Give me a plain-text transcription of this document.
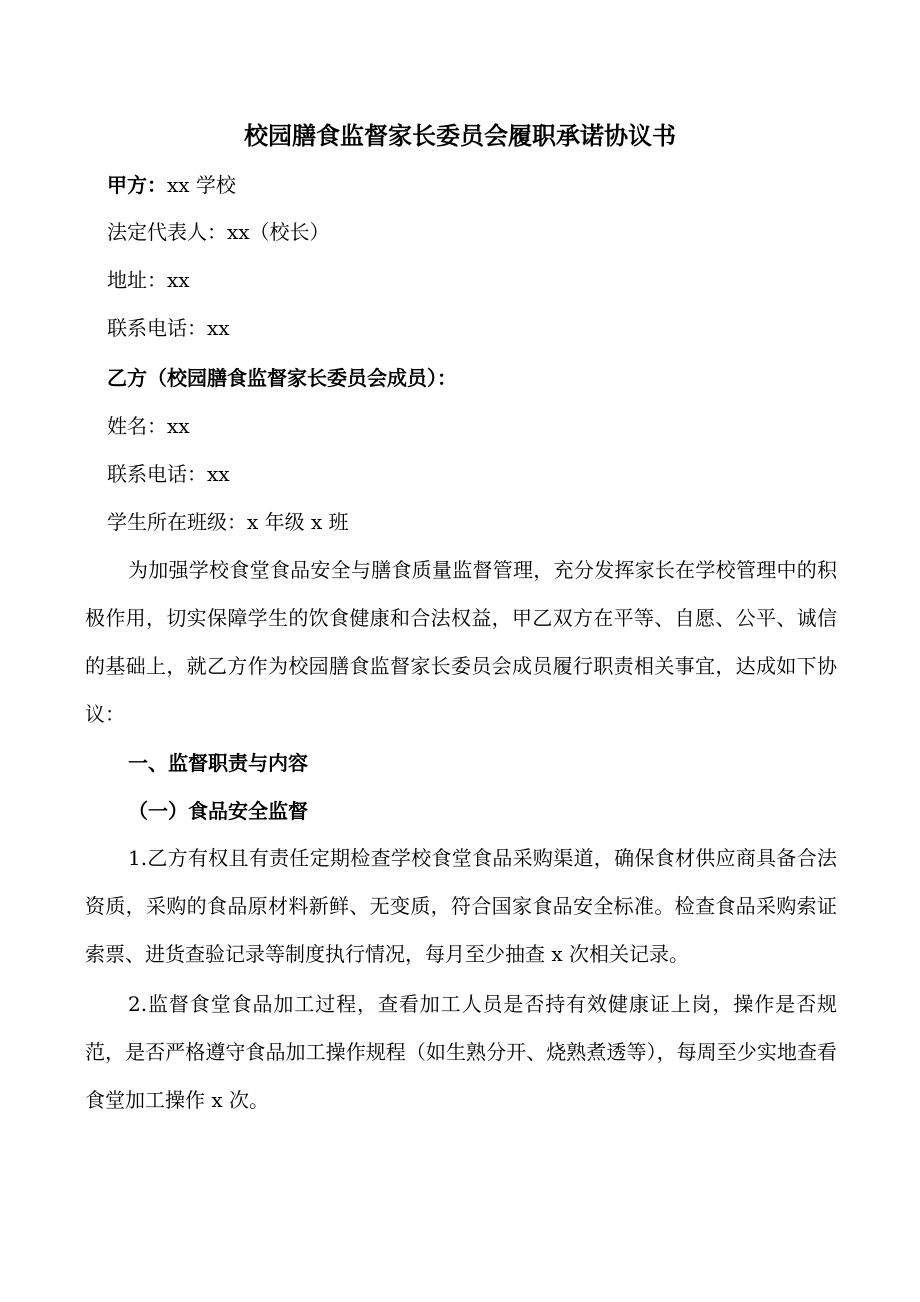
校园膳食监督家长委员会履职承诺协议书

甲方：xx 学校

法定代表人：xx（校长）

地址：xx

联系电话：xx

乙方（校园膳食监督家长委员会成员）：

姓名：xx

联系电话：xx

学生所在班级：x 年级 x 班

为加强学校食堂食品安全与膳食质量监督管理，充分发挥家长在学校管理中的积极作用，切实保障学生的饮食健康和合法权益，甲乙双方在平等、自愿、公平、诚信的基础上，就乙方作为校园膳食监督家长委员会成员履行职责相关事宜，达成如下协议：

一、监督职责与内容
（一）食品安全监督

1.乙方有权且有责任定期检查学校食堂食品采购渠道，确保食材供应商具备合法资质，采购的食品原材料新鲜、无变质，符合国家食品安全标准。检查食品采购索证索票、进货查验记录等制度执行情况，每月至少抽查 x 次相关记录。

2.监督食堂食品加工过程，查看加工人员是否持有效健康证上岗，操作是否规范，是否严格遵守食品加工操作规程（如生熟分开、烧熟煮透等），每周至少实地查看食堂加工操作 x 次。
